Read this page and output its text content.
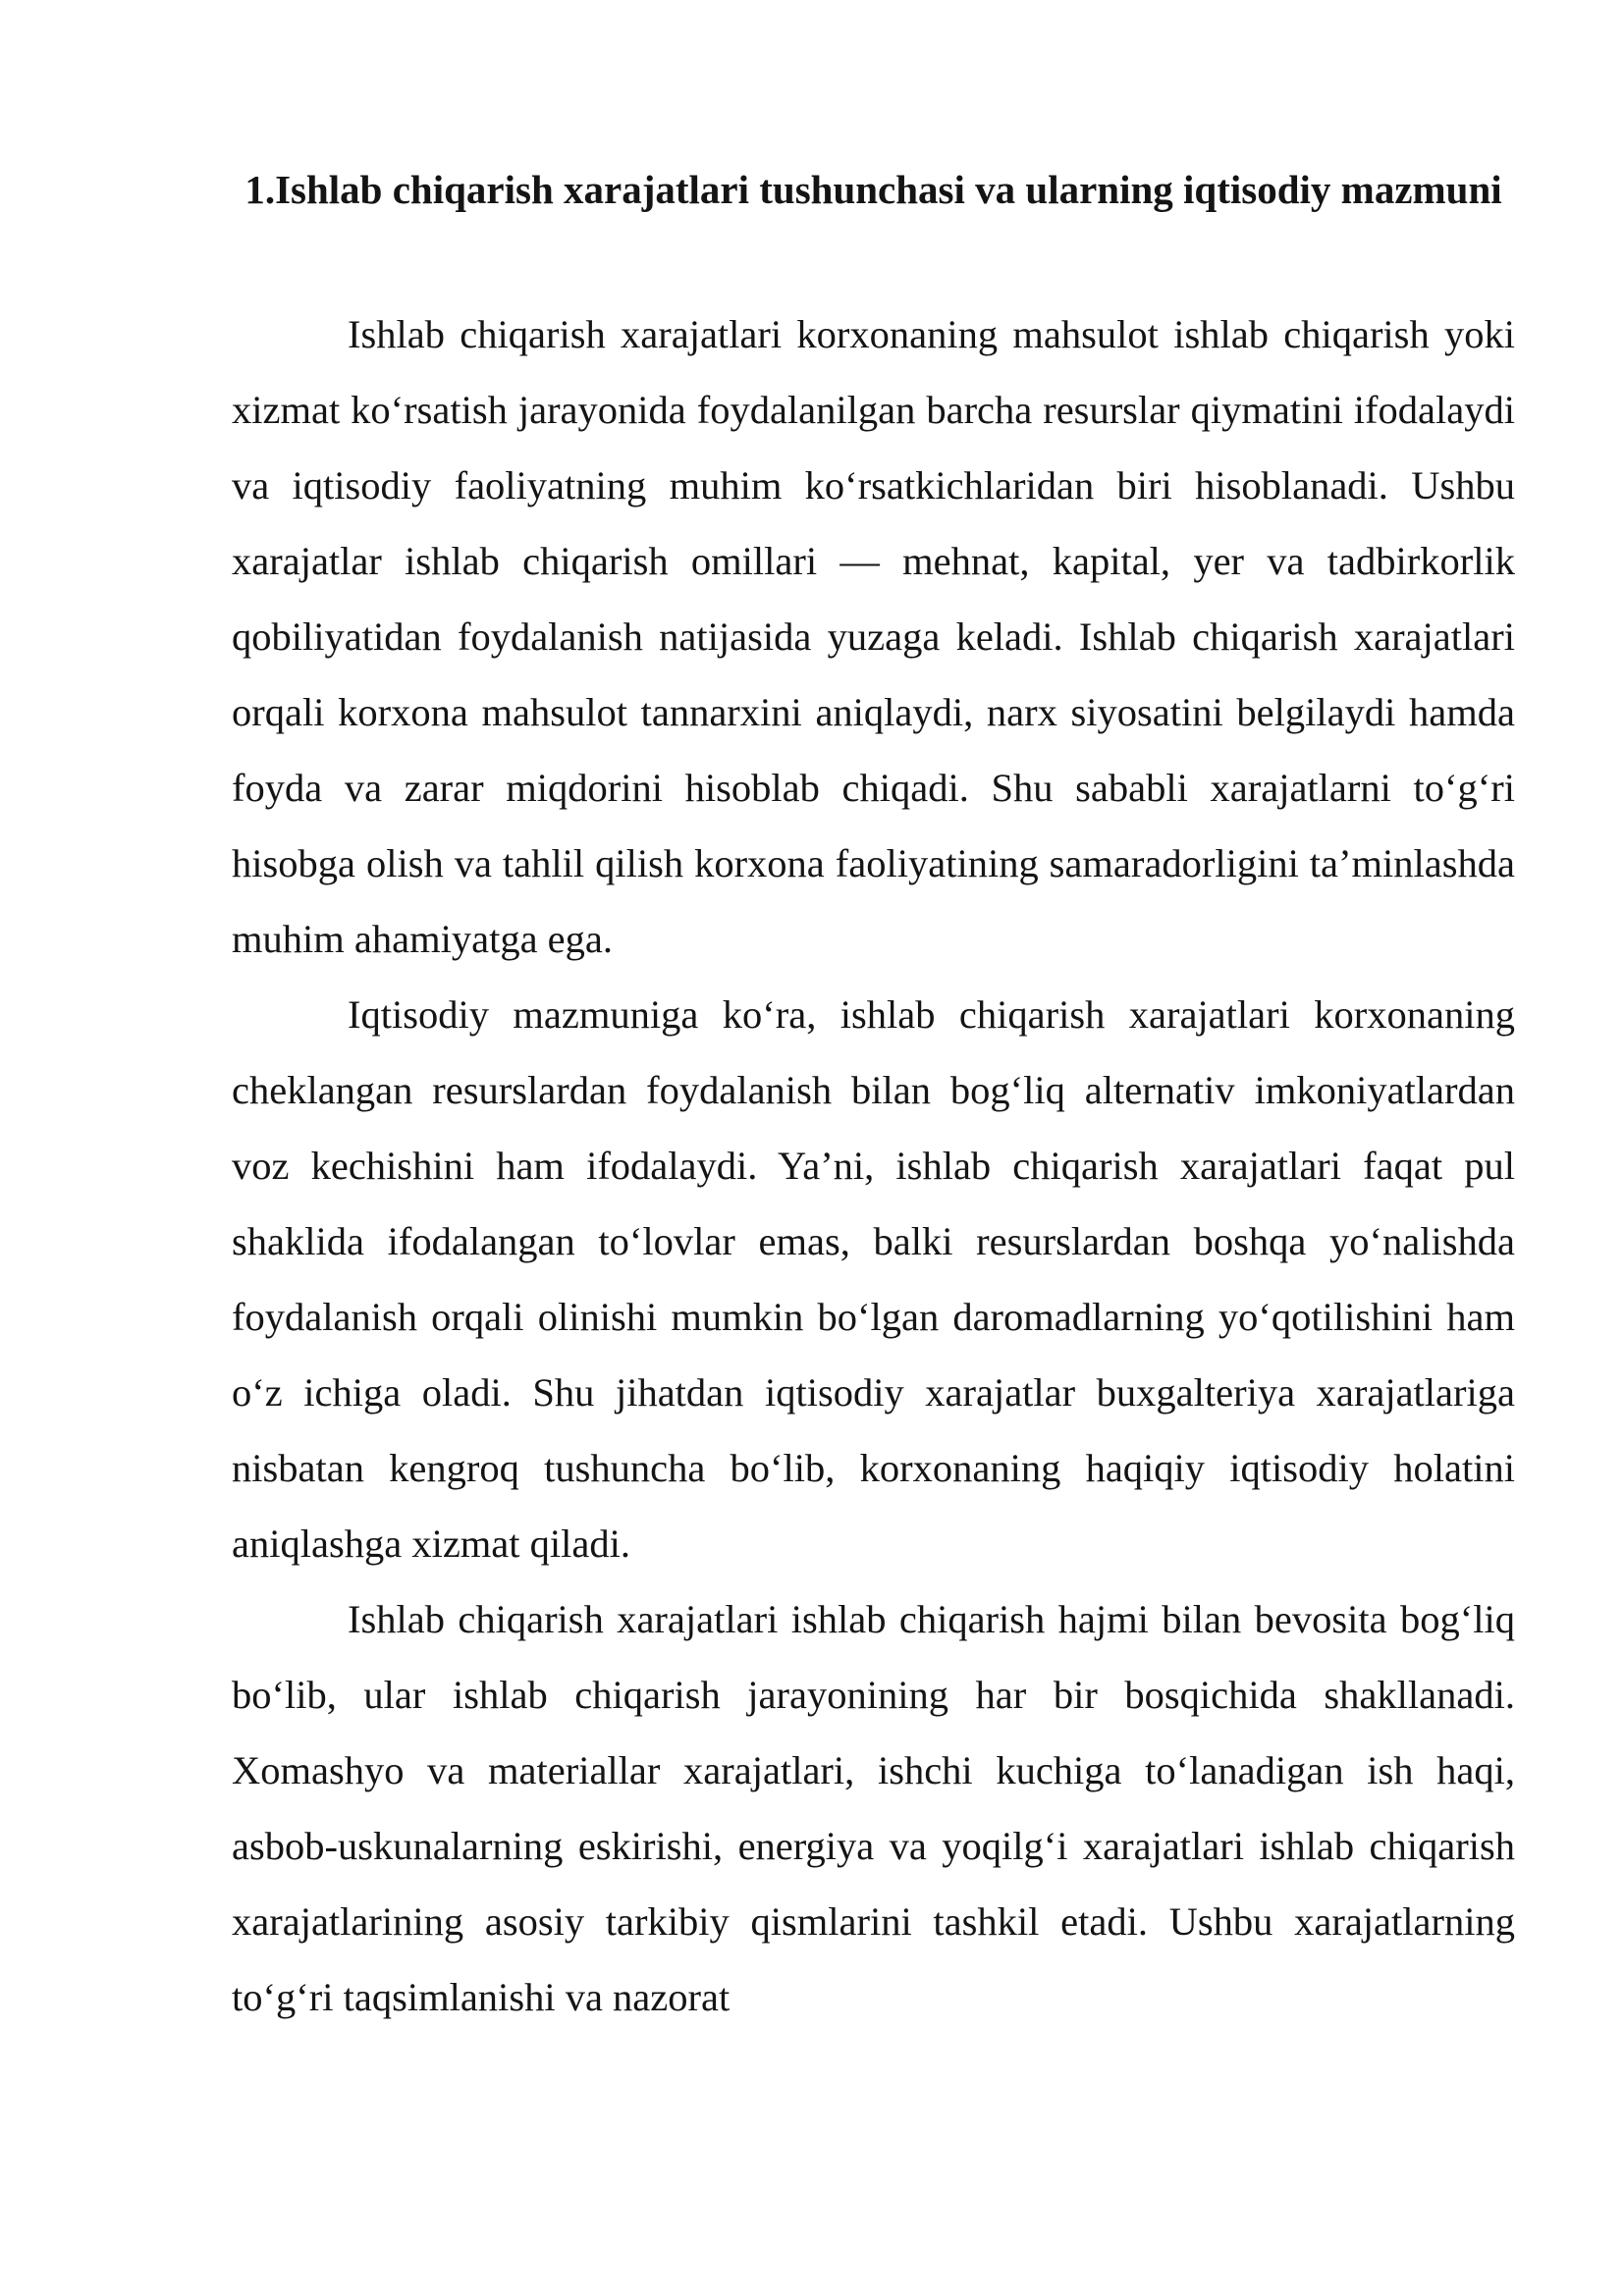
1.Ishlab chiqarish xarajatlari tushunchasi va ularning iqtisodiy mazmuni

Ishlab chiqarish xarajatlari korxonaning mahsulot ishlab chiqarish yoki xizmat ko‘rsatish jarayonida foydalanilgan barcha resurslar qiymatini ifodalaydi va iqtisodiy faoliyatning muhim ko‘rsatkichlaridan biri hisoblanadi. Ushbu xarajatlar ishlab chiqarish omillari — mehnat, kapital, yer va tadbirkorlik qobiliyatidan foydalanish natijasida yuzaga keladi. Ishlab chiqarish xarajatlari orqali korxona mahsulot tannarxini aniqlaydi, narx siyosatini belgilaydi hamda foyda va zarar miqdorini hisoblab chiqadi. Shu sababli xarajatlarni to‘g‘ri hisobga olish va tahlil qilish korxona faoliyatining samaradorligini ta’minlashda muhim ahamiyatga ega.

Iqtisodiy mazmuniga ko‘ra, ishlab chiqarish xarajatlari korxonaning cheklangan resurslardan foydalanish bilan bog‘liq alternativ imkoniyatlardan voz kechishini ham ifodalaydi. Ya’ni, ishlab chiqarish xarajatlari faqat pul shaklida ifodalangan to‘lovlar emas, balki resurslardan boshqa yo‘nalishda foydalanish orqali olinishi mumkin bo‘lgan daromadlarning yo‘qotilishini ham o‘z ichiga oladi. Shu jihatdan iqtisodiy xarajatlar buxgalteriya xarajatlariga nisbatan kengroq tushuncha bo‘lib, korxonaning haqiqiy iqtisodiy holatini aniqlashga xizmat qiladi.

Ishlab chiqarish xarajatlari ishlab chiqarish hajmi bilan bevosita bog‘liq bo‘lib, ular ishlab chiqarish jarayonining har bir bosqichida shakllanadi. Xomashyo va materiallar xarajatlari, ishchi kuchiga to‘lanadigan ish haqi, asbob-uskunalarning eskirishi, energiya va yoqilg‘i xarajatlari ishlab chiqarish xarajatlarining asosiy tarkibiy qismlarini tashkil etadi. Ushbu xarajatlarning to‘g‘ri taqsimlanishi va nazorat
